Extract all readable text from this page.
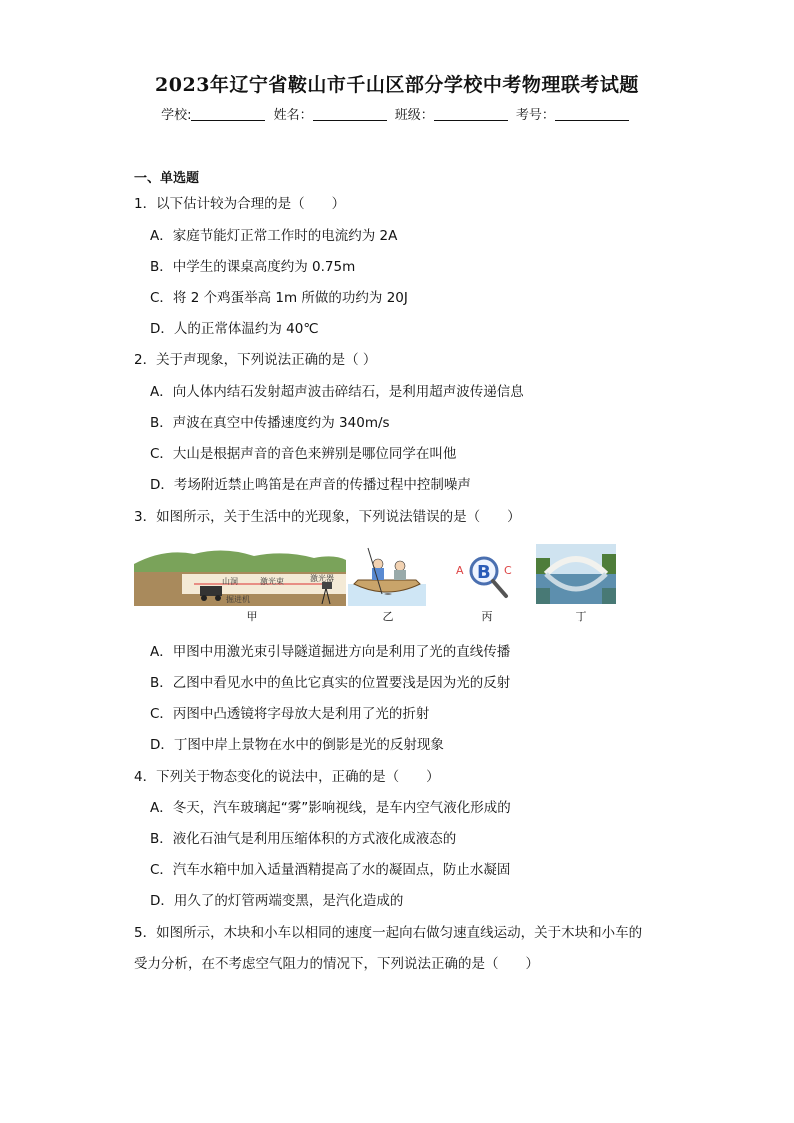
2023年辽宁省鞍山市千山区部分学校中考物理联考试题
学校:	姓名：	班级：	考号：
一、单选题
1．以下估计较为合理的是（　　）
A．家庭节能灯正常工作时的电流约为 2A
B．中学生的课桌高度约为 0.75m
C．将 2 个鸡蛋举高 1m 所做的功约为 20J
D．人的正常体温约为 40℃
2．关于声现象，下列说法正确的是（ ）
A．向人体内结石发射超声波击碎结石，是利用超声波传递信息
B．声波在真空中传播速度约为 340m/s
C．大山是根据声音的音色来辨别是哪位同学在叫他
D．考场附近禁止鸣笛是在声音的传播过程中控制噪声
3．如图所示，关于生活中的光现象，下列说法错误的是（　　）
山洞	激光束	激光器
掘进机
甲	乙
A B C
丙	丁
A．甲图中用激光束引导隧道掘进方向是利用了光的直线传播
B．乙图中看见水中的鱼比它真实的位置要浅是因为光的反射
C．丙图中凸透镜将字母放大是利用了光的折射
D．丁图中岸上景物在水中的倒影是光的反射现象
4．下列关于物态变化的说法中，正确的是（　　）
A．冬天，汽车玻璃起“雾”影响视线，是车内空气液化形成的
B．液化石油气是利用压缩体积的方式液化成液态的
C．汽车水箱中加入适量酒精提高了水的凝固点，防止水凝固
D．用久了的灯管两端变黑，是汽化造成的
5．如图所示，木块和小车以相同的速度一起向右做匀速直线运动，关于木块和小车的
受力分析，在不考虑空气阻力的情况下，下列说法正确的是（　　）
